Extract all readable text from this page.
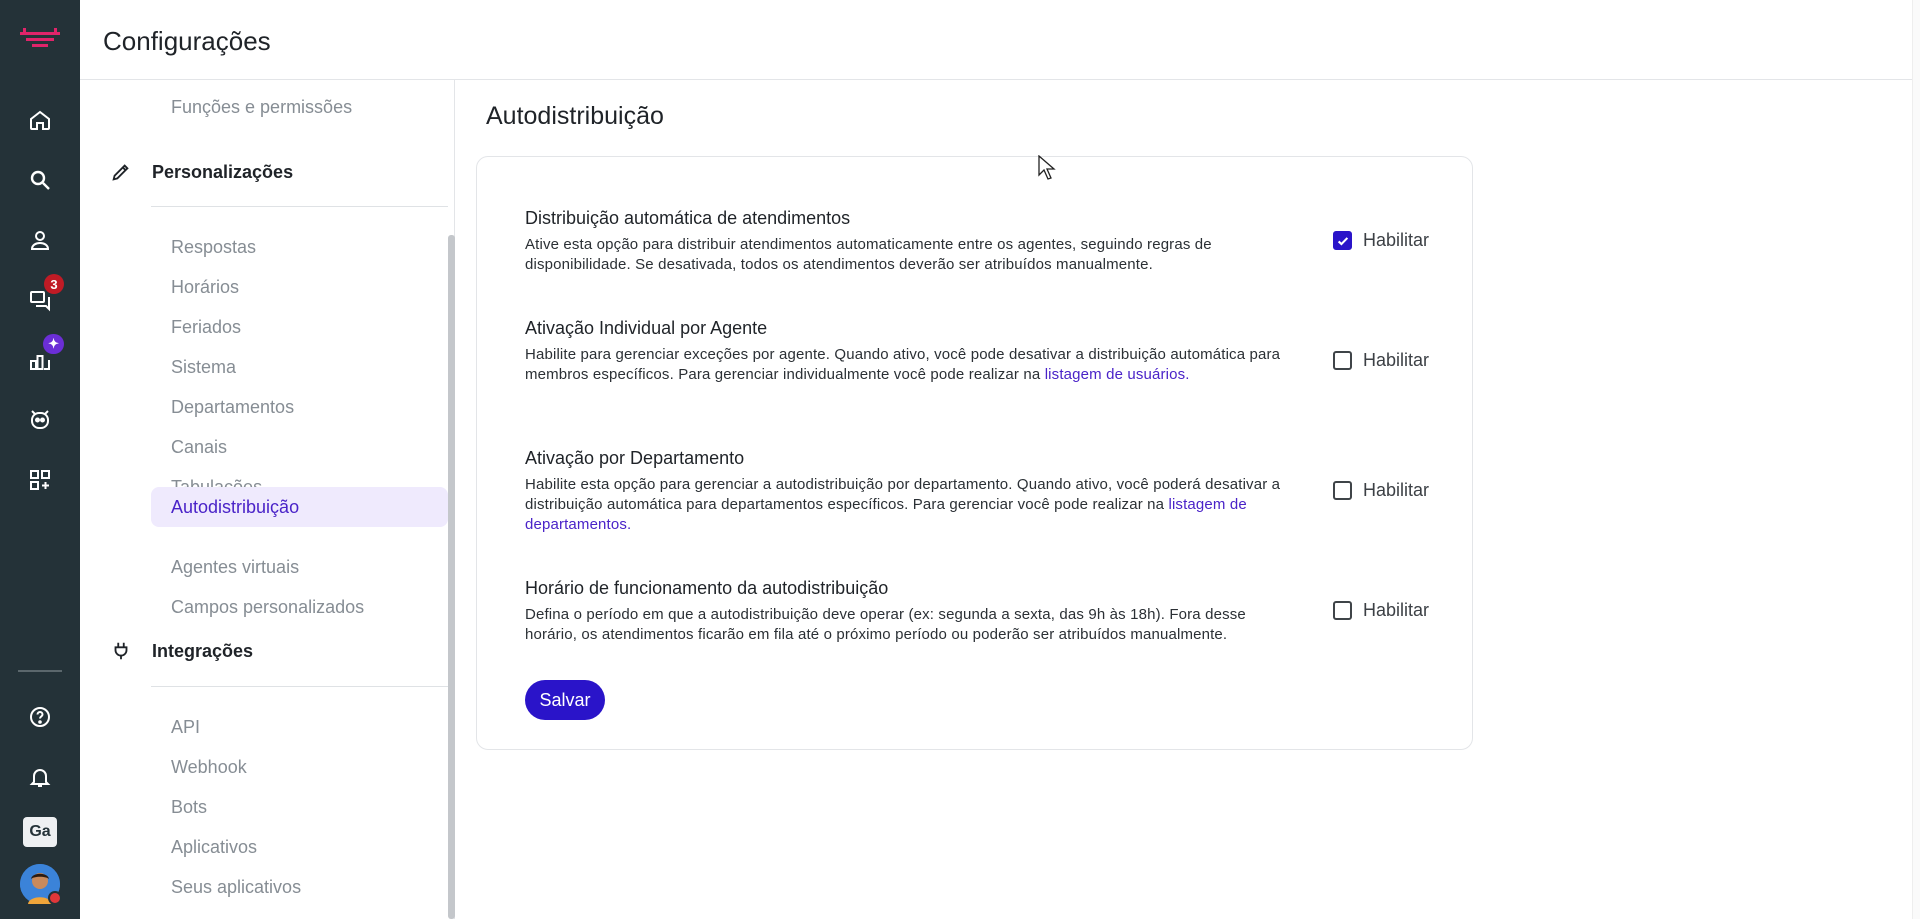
3
✦
Ga
Configurações
Funções e permissões
Personalizações
Respostas
Horários
Feriados
Sistema
Departamentos
Canais
Autodistribuição
Agentes virtuais
Campos personalizados
Integrações
API
Webhook
Bots
Aplicativos
Seus aplicativos
Autodistribuição
Distribuição automática de atendimentos
Ative esta opção para distribuir atendimentos automaticamente entre os agentes, seguindo regras de disponibilidade. Se desativada, todos os atendimentos deverão ser atribuídos manualmente.
Habilitar
Ativação Individual por Agente
Habilite para gerenciar exceções por agente. Quando ativo, você pode desativar a distribuição automática para membros específicos. Para gerenciar individualmente você pode realizar na listagem de usuários.
Habilitar
Ativação por Departamento
Habilite esta opção para gerenciar a autodistribuição por departamento. Quando ativo, você poderá desativar a distribuição automática para departamentos específicos. Para gerenciar você pode realizar na listagem de departamentos.
Habilitar
Horário de funcionamento da autodistribuição
Defina o período em que a autodistribuição deve operar (ex: segunda a sexta, das 9h às 18h). Fora desse horário, os atendimentos ficarão em fila até o próximo período ou poderão ser atribuídos manualmente.
Habilitar
Salvar
